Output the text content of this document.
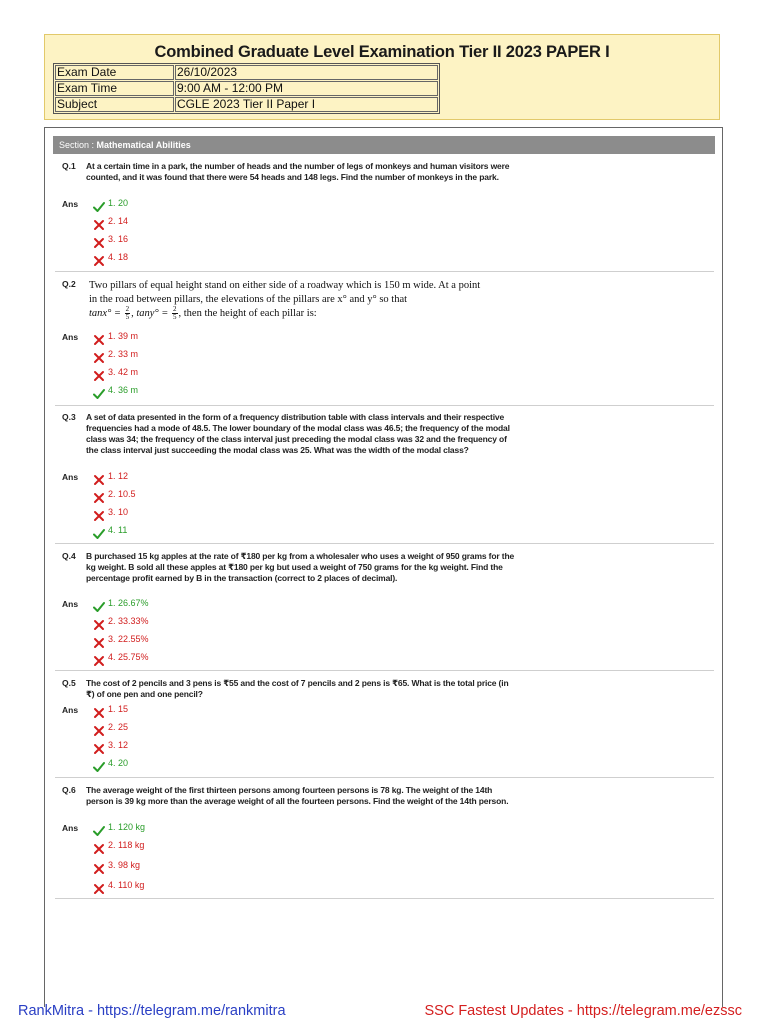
Combined Graduate Level Examination Tier II 2023 PAPER I
Exam Date	26/10/2023
Exam Time	9:00 AM - 12:00 PM
Subject	CGLE 2023 Tier II Paper I
Section : Mathematical Abilities
Q.1 At a certain time in a park, the number of heads and the number of legs of monkeys and human visitors were counted, and it was found that there were 54 heads and 148 legs. Find the number of monkeys in the park.
Ans	1. 20
2. 14
3. 16
4. 18
Q.2 Two pillars of equal height stand on either side of a roadway which is 150 m wide. At a point
in the road between pillars, the elevations of the pillars are x° and y° so that
$\tan x^\circ = \frac{2}{5}$ , $\tan y^\circ = \frac{2}{5}$ , then the height of each pillar is:
Ans	1. 39 m
2. 33 m
3. 42 m
4. 36 m
Q.3 A set of data presented in the form of a frequency distribution table with class intervals and their respective frequencies had a mode of 48.5. The lower boundary of the modal class was 46.5; the frequency of the modal class was 34; the frequency of the class interval just preceding the modal class was 32 and the frequency of the class interval just succeeding the modal class was 25. What was the width of the modal class?
Ans	1. 12
2. 10.5
3. 10
4. 11
Q.4 B purchased 15 kg apples at the rate of ₹180 per kg from a wholesaler who uses a weight of 950 grams for the kg weight. B sold all these apples at ₹180 per kg but used a weight of 750 grams for the kg weight. Find the percentage profit earned by B in the transaction (correct to 2 places of decimal).
Ans	1. 26.67%
2. 33.33%
3. 22.55%
4. 25.75%
Q.5 The cost of 2 pencils and 3 pens is ₹55 and the cost of 7 pencils and 2 pens is ₹65. What is the total price (in ₹) of one pen and one pencil?
Ans	1. 15
2. 25
3. 12
4. 20
Q.6 The average weight of the first thirteen persons among fourteen persons is 78 kg. The weight of the 14th person is 39 kg more than the average weight of all the fourteen persons. Find the weight of the 14th person.
Ans	1. 120 kg
2. 118 kg
3. 98 kg
4. 110 kg
RankMitra - https://telegram.me/rankmitra	SSC Fastest Updates - https://telegram.me/ezssc
